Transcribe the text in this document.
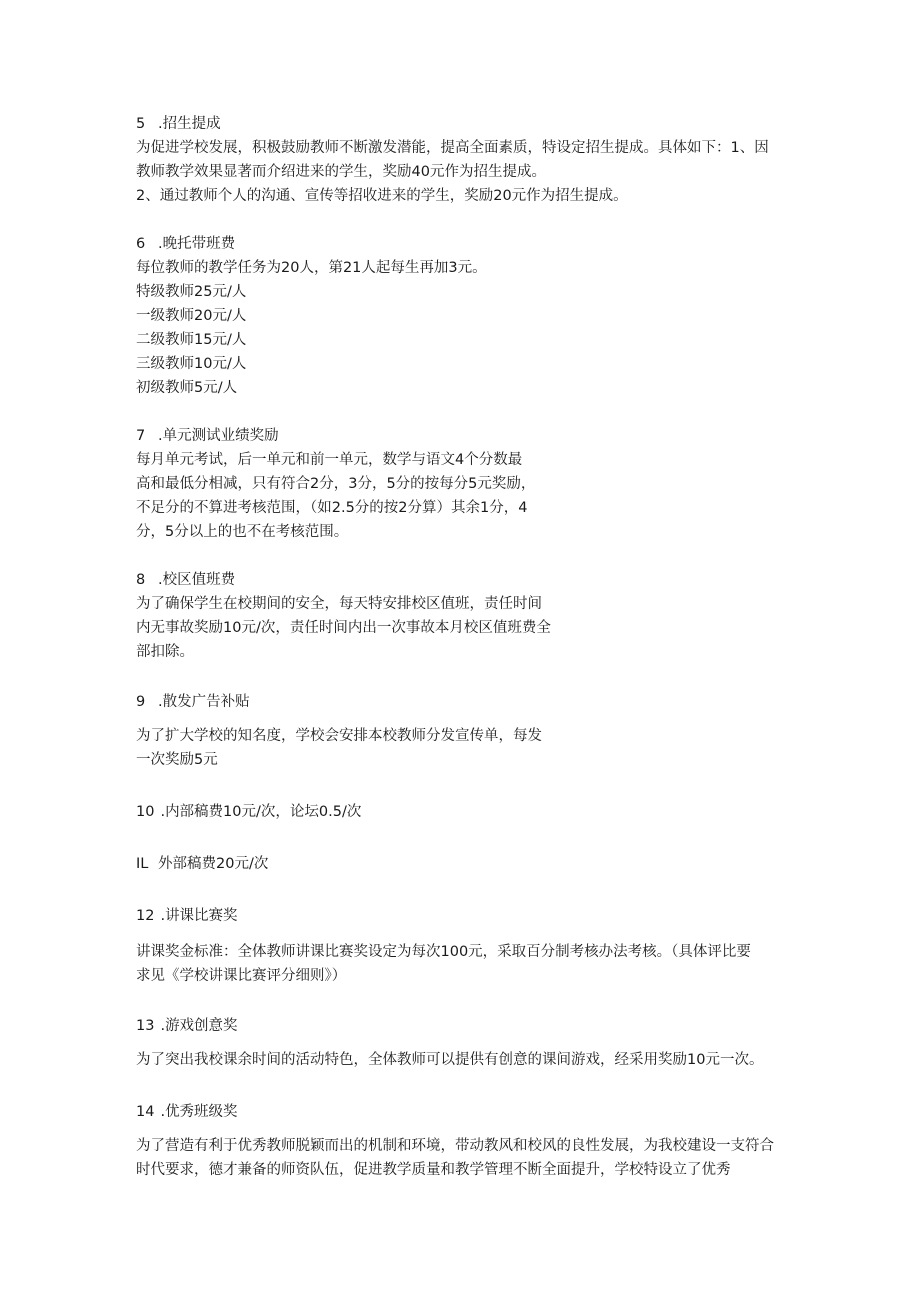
5 .招生提成
为促进学校发展，积极鼓励教师不断激发潜能，提高全面素质，特设定招生提成。具体如下：1、因
教师教学效果显著而介绍进来的学生，奖励40元作为招生提成。
2、通过教师个人的沟通、宣传等招收进来的学生，奖励20元作为招生提成。
6 .晚托带班费
每位教师的教学任务为20人，第21人起每生再加3元。
特级教师25元/人
一级教师20元/人
二级教师15元/人
三级教师10元/人
初级教师5元/人
7 .单元测试业绩奖励
每月单元考试，后一单元和前一单元，数学与语文4个分数最
高和最低分相减，只有符合2分，3分，5分的按每分5元奖励，
不足分的不算进考核范围，（如2.5分的按2分算）其余1分，4
分，5分以上的也不在考核范围。
8 .校区值班费
为了确保学生在校期间的安全，每天特安排校区值班，责任时间
内无事故奖励10元/次，责任时间内出一次事故本月校区值班费全
部扣除。
9 .散发广告补贴
为了扩大学校的知名度，学校会安排本校教师分发宣传单，每发
一次奖励5元
10 .内部稿费10元/次，论坛0.5/次
IL 外部稿费20元/次
12 .讲课比赛奖
讲课奖金标准：全体教师讲课比赛奖设定为每次100元，采取百分制考核办法考核。（具体评比要
求见《学校讲课比赛评分细则》）
13 .游戏创意奖
为了突出我校课余时间的活动特色，全体教师可以提供有创意的课间游戏，经采用奖励10元一次。
14 .优秀班级奖
为了营造有利于优秀教师脱颖而出的机制和环境，带动教风和校风的良性发展，为我校建设一支符合
时代要求，德才兼备的师资队伍，促进教学质量和教学管理不断全面提升，学校特设立了优秀
